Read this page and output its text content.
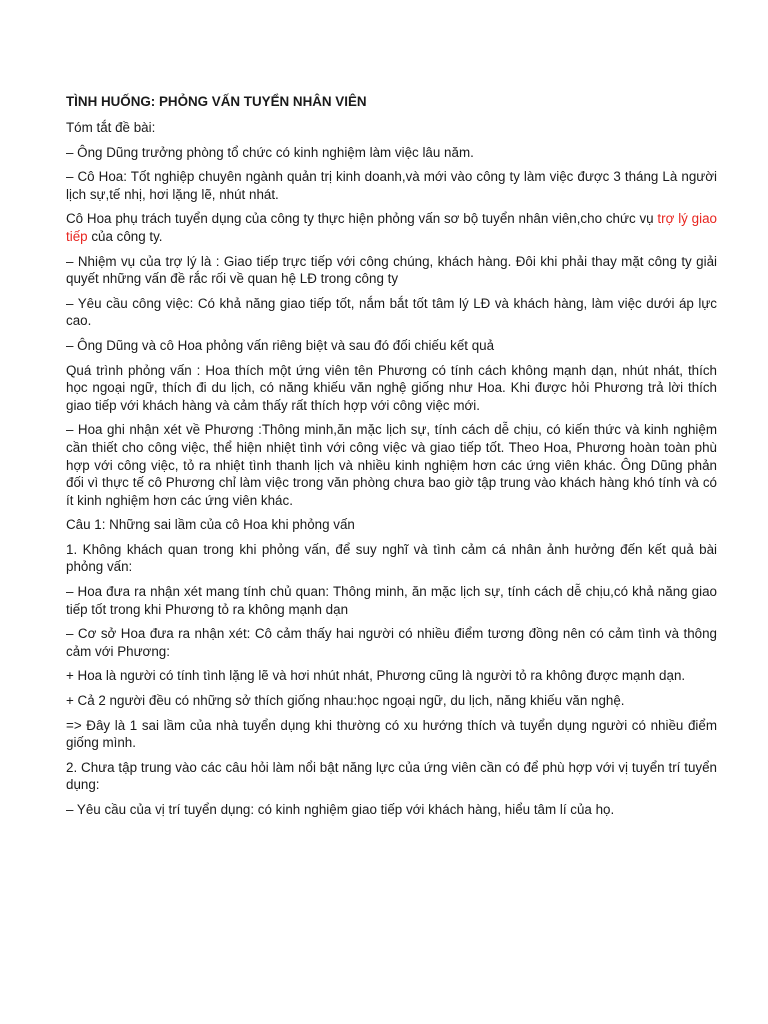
TÌNH HUỐNG: PHỎNG VẤN TUYỂN NHÂN VIÊN

Tóm tắt đề bài:

– Ông Dũng trưởng phòng tổ chức có kinh nghiệm làm việc lâu năm.

– Cô Hoa: Tốt nghiệp chuyên ngành quản trị kinh doanh,và mới vào công ty làm việc được 3 tháng Là người lịch sự,tế nhị, hơi lặng lẽ, nhút nhát.

Cô Hoa phụ trách tuyển dụng của công ty thực hiện phỏng vấn sơ bộ tuyển nhân viên,cho chức vụ trợ lý giao tiếp của công ty.

– Nhiệm vụ của trợ lý là : Giao tiếp trực tiếp với công chúng, khách hàng. Đôi khi phải thay mặt công ty giải quyết những vấn đề rắc rối về quan hệ LĐ trong công ty

– Yêu cầu công việc: Có khả năng giao tiếp tốt, nắm bắt tốt tâm lý LĐ và khách hàng, làm việc dưới áp lực cao.

– Ông Dũng và cô Hoa phỏng vấn riêng biệt và sau đó đối chiếu kết quả

Quá trình phỏng vấn : Hoa thích một ứng viên tên Phương có tính cách không mạnh dạn, nhút nhát, thích học ngoại ngữ, thích đi du lịch, có năng khiếu văn nghệ giống như Hoa. Khi được hỏi Phương trả lời thích giao tiếp với khách hàng và cảm thấy rất thích hợp với công việc mới.

– Hoa ghi nhận xét về Phương :Thông minh,ăn mặc lịch sự, tính cách dễ chịu, có kiến thức và kinh nghiệm cần thiết cho công việc, thể hiện nhiệt tình với công việc và giao tiếp tốt. Theo Hoa, Phương hoàn toàn phù hợp với công việc, tỏ ra nhiệt tình thanh lịch và nhiều kinh nghiệm hơn các ứng viên khác. Ông Dũng phản đối vì thực tế cô Phương chỉ làm việc trong văn phòng chưa bao giờ tập trung vào khách hàng khó tính và có ít kinh nghiệm hơn các ứng viên khác.

Câu 1: Những sai lầm của cô Hoa khi phỏng vấn

1. Không khách quan trong khi phỏng vấn, để suy nghĩ và tình cảm cá nhân ảnh hưởng đến kết quả bài phỏng vấn:

– Hoa đưa ra nhận xét mang tính chủ quan: Thông minh, ăn mặc lịch sự, tính cách dễ chịu,có khả năng giao tiếp tốt trong khi Phương tỏ ra không mạnh dạn

– Cơ sở Hoa đưa ra nhận xét: Cô cảm thấy hai người có nhiều điểm tương đồng nên có cảm tình và thông cảm với Phương:

+ Hoa là người có tính tình lặng lẽ và hơi nhút nhát, Phương cũng là người tỏ ra không được mạnh dạn.

+ Cả 2 người đều có những sở thích giống nhau:học ngoại ngữ, du lịch, năng khiếu văn nghệ.

=> Đây là 1 sai lầm của nhà tuyển dụng khi thường có xu hướng thích và tuyển dụng người có nhiều điểm giống mình.

2. Chưa tập trung vào các câu hỏi làm nổi bật năng lực của ứng viên cần có để phù hợp với vị tuyển trí tuyển dụng:

– Yêu cầu của vị trí tuyển dụng: có kinh nghiệm giao tiếp với khách hàng, hiểu tâm lí của họ.
